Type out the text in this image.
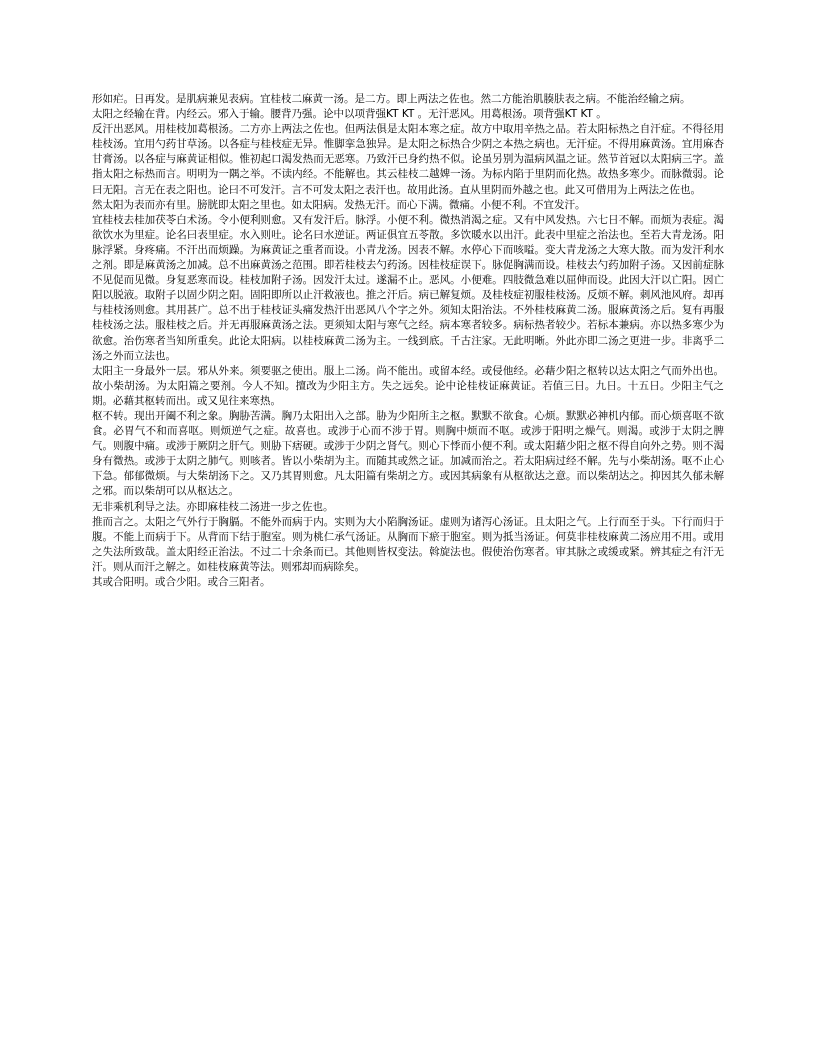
形如疟。日再发。是肌病兼见表病。宜桂枝二麻黄一汤。是二方。即上两法之佐也。然二方能治肌腠肤表之病。不能治经输之病。

太阳之经输在背。内经云。邪入于输。腰背乃强。论中以项背强KT KT 。无汗恶风。用葛根汤。项背强KT KT 。

反汗出恶风。用桂枝加葛根汤。二方亦上两法之佐也。但两法俱是太阳本寒之症。故方中取用辛热之品。若太阳标热之自汗症。不得径用桂枝汤。宜用勺药甘草汤。以各症与桂枝症无异。惟脚挛急独异。是太阳之标热合少阴之本热之病也。无汗症。不得用麻黄汤。宜用麻杏甘膏汤。以各症与麻黄证相似。惟初起口渴发热而无恶寒。乃致汗已身约热不似。论虽另别为温病风温之证。然节首冠以太阳病三字。盖指太阳之标热而言。明明为一隅之举。不读内经。不能解也。其云桂枝二越婢一汤。为标内陷于里阴而化热。故热多寒少。而脉微弱。论曰无阳。言无在表之阳也。论曰不可发汗。言不可发太阳之表汗也。故用此汤。直从里阴而外越之也。此又可借用为上两法之佐也。

然太阳为表而亦有里。膀胱即太阳之里也。如太阳病。发热无汗。而心下满。微痛。小便不利。不宜发汗。

宜桂枝去桂加茯苓白术汤。令小便利则愈。又有发汗后。脉浮。小便不利。微热消渴之症。又有中风发热。六七日不解。而烦为表症。渴欲饮水为里症。论名曰表里症。水入则吐。论名曰水逆证。两证俱宜五苓散。多饮暖水以出汗。此表中里症之治法也。至若大青龙汤。阳脉浮紧。身疼痛。不汗出而烦躁。为麻黄证之重者而设。小青龙汤。因表不解。水停心下而咳嗌。变大青龙汤之大寒大散。而为发汗利水之剂。即是麻黄汤之加减。总不出麻黄汤之范围。即若桂枝去勺药汤。因桂枝症误下。脉促胸满而设。桂枝去勺药加附子汤。又因前症脉不见促而见微。身复恶寒而设。桂枝加附子汤。因发汗太过。遂漏不止。恶风。小便难。四肢微急难以屈伸而设。此因大汗以亡阳。因亡阳以脱液。取附子以固少阴之阳。固阳即所以止汗救液也。推之汗后。病已解复烦。及桂枝症初服桂枝汤。反烦不解。刺风池风府。却再与桂枝汤则愈。其用甚广。总不出于桂枝证头痛发热汗出恶风八个字之外。须知太阳治法。不外桂枝麻黄二汤。服麻黄汤之后。复有再服桂枝汤之法。服桂枝之后。并无再服麻黄汤之法。更须知太阳与寒气之经。病本寒者较多。病标热者较少。若标本兼病。亦以热多寒少为欲愈。治伤寒者当知所重矣。此论太阳病。以桂枝麻黄二汤为主。一线到底。千古注家。无此明晰。外此亦即二汤之更进一步。非离乎二汤之外而立法也。

太阳主一身最外一层。邪从外来。须要驱之使出。服上二汤。尚不能出。或留本经。或侵他经。必藉少阳之枢转以达太阳之气而外出也。故小柴胡汤。为太阳篇之要剂。今人不知。擅改为少阳主方。失之远矣。论中论桂枝证麻黄证。若值三日。九日。十五日。少阳主气之期。必藉其枢转而出。或又见往来寒热。

枢不转。现出开阖不利之象。胸胁苦满。胸乃太阳出入之部。胁为少阳所主之枢。默默不欲食。心烦。默默必神机内郁。而心烦喜呕不欲食。必胃气不和而喜呕。则烦逆气之症。故喜也。或涉于心而不涉于胃。则胸中烦而不呕。或涉于阳明之燥气。则渴。或涉于太阴之脾气。则腹中痛。或涉于厥阴之肝气。则胁下痞硬。或涉于少阴之肾气。则心下悸而小便不利。或太阳藉少阳之枢不得自向外之势。则不渴身有微热。或涉于太阴之肺气。则咳者。皆以小柴胡为主。而随其或然之证。加减而治之。若太阳病过经不解。先与小柴胡汤。呕不止心下急。郁郁微烦。与大柴胡汤下之。又乃其胃则愈。凡太阳篇有柴胡之方。或因其病象有从枢欲达之意。而以柴胡达之。抑因其久郁未解之邪。而以柴胡可以从枢达之。

无非乘机利导之法。亦即麻桂枝二汤进一步之佐也。

推而言之。太阳之气外行于胸膈。不能外而病于内。实则为大小陷胸汤证。虚则为诸泻心汤证。且太阳之气。上行而至于头。下行而归于腹。不能上而病于下。从背而下结于胞室。则为桃仁承气汤证。从胸而下瘀于胞室。则为抵当汤证。何莫非桂枝麻黄二汤应用不用。或用之失法所致哉。盖太阳经正治法。不过二十余条而已。其他则皆权变法。斡旋法也。假使治伤寒者。审其脉之或缓或紧。辨其症之有汗无汗。则从而汗之解之。如桂枝麻黄等法。则邪却而病除矣。

其或合阳明。或合少阳。或合三阳者。
